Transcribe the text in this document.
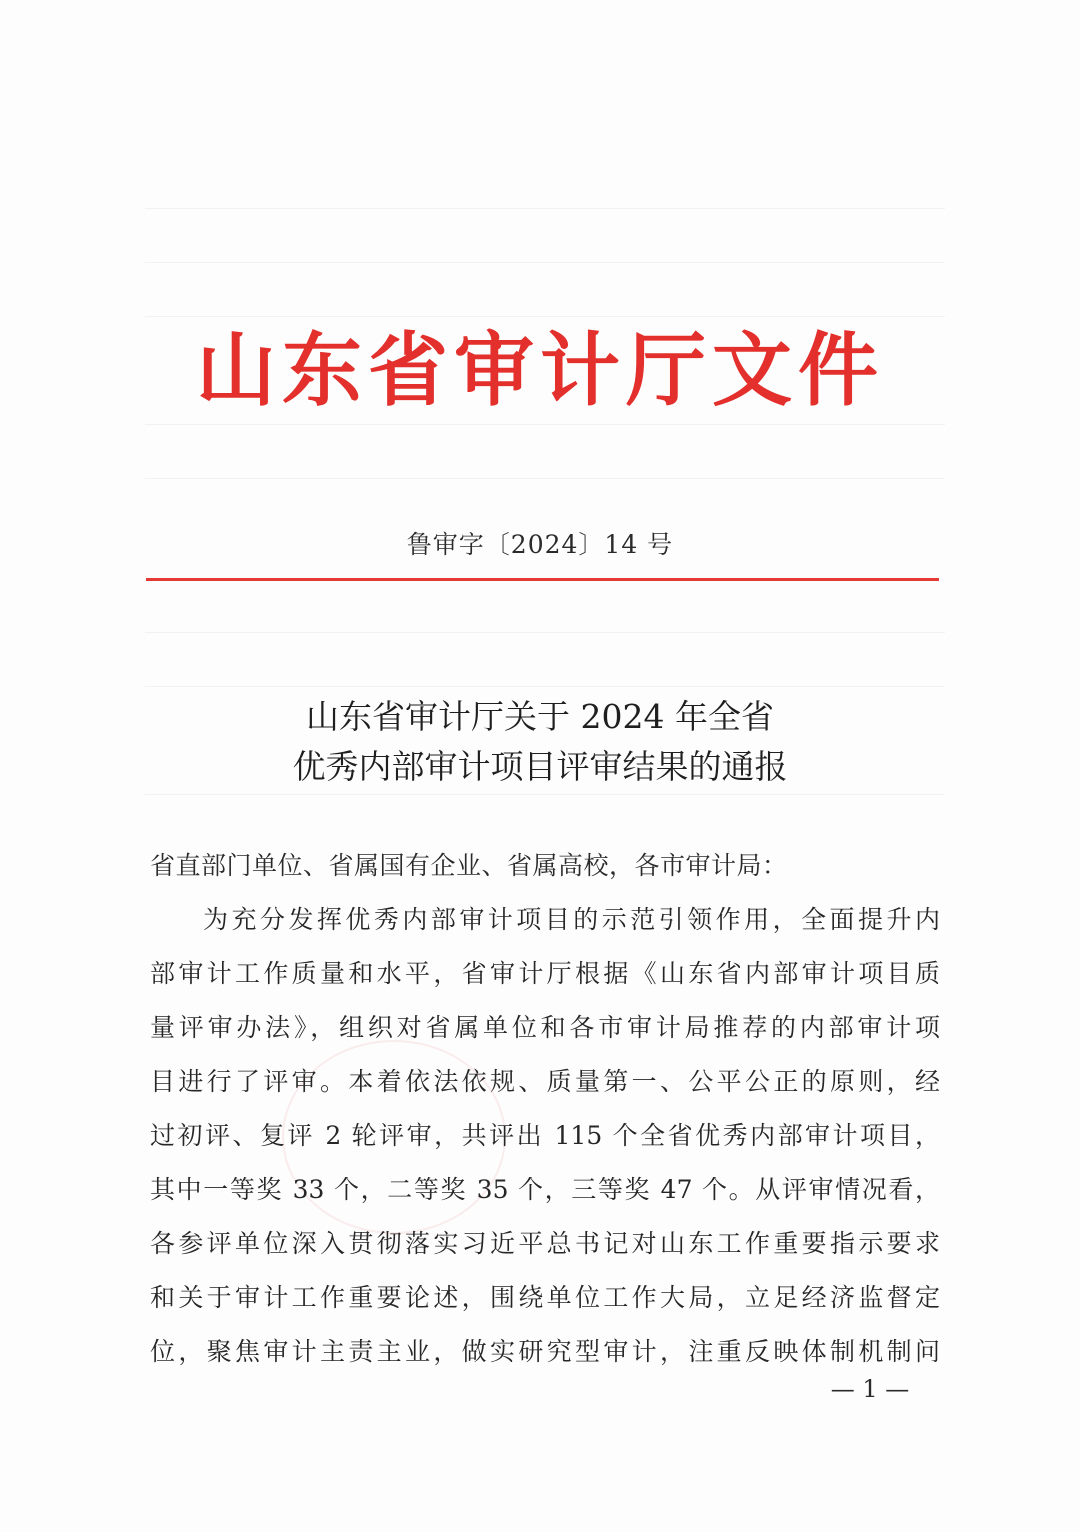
山东省审计厅文件
鲁审字〔2024〕14 号
山东省审计厅关于 2024 年全省
优秀内部审计项目评审结果的通报
省直部门单位、省属国有企业、省属高校，各市审计局：
为充分发挥优秀内部审计项目的示范引领作用，全面提升内
部审计工作质量和水平，省审计厅根据《山东省内部审计项目质
量评审办法》，组织对省属单位和各市审计局推荐的内部审计项
目进行了评审。本着依法依规、质量第一、公平公正的原则，经
过初评、复评 2 轮评审，共评出 115 个全省优秀内部审计项目，
其中一等奖 33 个，二等奖 35 个，三等奖 47 个。从评审情况看，
各参评单位深入贯彻落实习近平总书记对山东工作重要指示要求
和关于审计工作重要论述，围绕单位工作大局，立足经济监督定
位，聚焦审计主责主业，做实研究型审计，注重反映体制机制问
— 1 —
